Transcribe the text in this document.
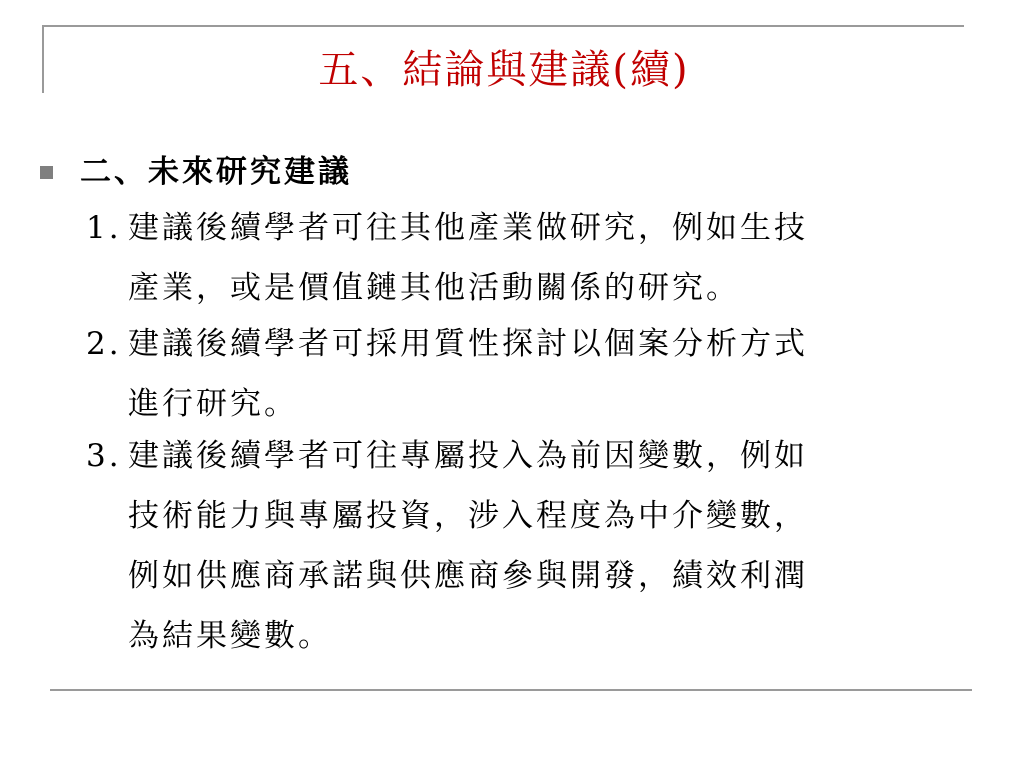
五、結論與建議(續)
二、未來研究建議
1. 建議後續學者可往其他產業做研究，例如生技
產業，或是價值鏈其他活動關係的研究。
2. 建議後續學者可採用質性探討以個案分析方式
進行研究。
3. 建議後續學者可往專屬投入為前因變數，例如
技術能力與專屬投資，涉入程度為中介變數，
例如供應商承諾與供應商參與開發，績效利潤
為結果變數。
